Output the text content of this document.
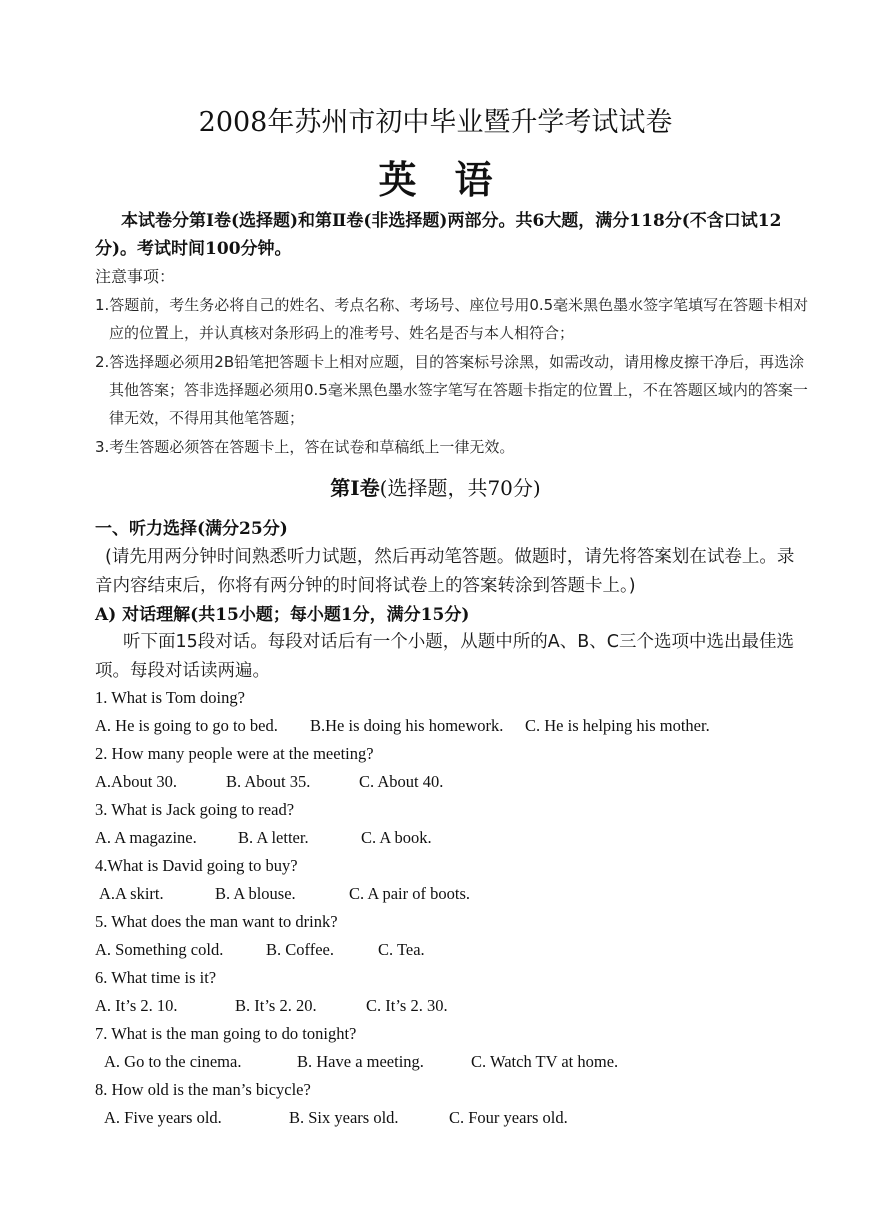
2008年苏州市初中毕业暨升学考试试卷
英语
本试卷分第Ⅰ卷(选择题)和第Ⅱ卷(非选择题)两部分。共6大题，满分118分(不含口试12分)。考试时间100分钟。
注意事项：
1.答题前，考生务必将自己的姓名、考点名称、考场号、座位号用0.5毫米黑色墨水签字笔填写在答题卡相对应的位置上，并认真核对条形码上的准考号、姓名是否与本人相符合；
2.答选择题必须用2B铅笔把答题卡上相对应题，目的答案标号涂黑，如需改动，请用橡皮擦干净后，再选涂其他答案；答非选择题必须用0.5毫米黑色墨水签字笔写在答题卡指定的位置上，不在答题区域内的答案一律无效，不得用其他笔答题；
3.考生答题必须答在答题卡上，答在试卷和草稿纸上一律无效。
第Ⅰ卷(选择题，共70分)
一、听力选择(满分25分)
(请先用两分钟时间熟悉听力试题，然后再动笔答题。做题时，请先将答案划在试卷上。录音内容结束后，你将有两分钟的时间将试卷上的答案转涂到答题卡上。)
A) 对话理解(共15小题；每小题1分，满分15分)
听下面15段对话。每段对话后有一个小题，从题中所的A、B、C三个选项中选出最佳选项。每段对话读两遍。
1. What is Tom doing?
A. He is going to go to bed. B.He is doing his homework. C. He is helping his mother.
2. How many people were at the meeting?
A.About 30.	B. About 35.	C. About 40.
3. What is Jack going to read?
A. A magazine.	B. A letter.	C. A book.
4.What is David going to buy?
A.A skirt.	B. A blouse.	C. A pair of boots.
5. What does the man want to drink?
A. Something cold.	B. Coffee.	C. Tea.
6. What time is it?
A. It’s 2. 10.	B. It’s 2. 20.	C. It’s 2. 30.
7. What is the man going to do tonight?
A. Go to the cinema.	B. Have a meeting.	C. Watch TV at home.
8. How old is the man’s bicycle?
A. Five years old.	B. Six years old.	C. Four years old.
